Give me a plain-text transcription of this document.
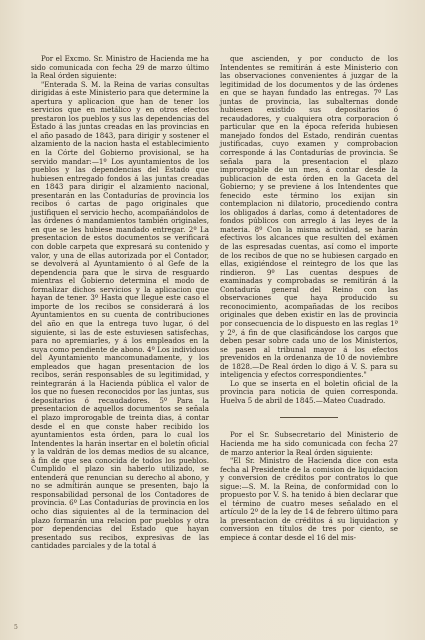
Por el Excmo. Sr. Ministro de Hacienda me ha sido comunicada con fecha 29 de marzo último la Real órden siguiente:

"Enterada S. M. la Reina de varias consultas dirigidas á este Ministerio para que determine la apertura y aplicacion que han de tener los servicios que en metálico y en otros efectos prestaron los pueblos y sus las dependencias del Estado á las juntas creadas en las provincias en el año pasado de 1843, para dirigir y sostener el alzamiento de la nacion hasta el establecimiento en la Córte del Gobierno provisional, se ha servido mandar:—1º Los ayuntamientos de los pueblos y las dependencias del Estado que hubiesen entregado fondos á las juntas creadas en 1843 para dirigir el alzamiento nacional, presentarán en las Contadurías de provincia los recibos ó cartas de pago originales que justifiquen el servicio hecho, acompañándolos de las órdenes ó mandamientos también originales, en que se les hubiese mandado entregar. 2º La presentacion de estos documentos se verificará con doble carpeta que expresará su contenido y valor, y una de ellas autorizada por el Contador, se devolverá al Ayuntamiento ó al Gefe de la dependencia para que le sirva de resguardo mientras el Gobierno determina el modo de formalizar dichos servicios y la aplicacion que hayan de tener. 3º Hasta que llegue este caso el importe de los recibos se considerará á los Ayuntamientos en su cuenta de contribuciones del año en que la entrega tuvo lugar, ó del siguiente, si las de este estuviesen satisfechas, para no apremiarles, y á los empleados en la suya como pendiente de abono. 4º Los individuos del Ayuntamiento mancomunadamente, y los empleados que hagan presentacion de los recibos, serán responsables de su legitimidad, y reintegrarán á la Hacienda pública el valor de los que no fuesen reconocidos por las juntas, sus depositarios ó recaudadores. 5º Para la presentacion de aquellos documentos se señala el plazo improrogable de treinta dias, á contar desde el en que conste haber recibido los ayuntamientos esta órden, para lo cual los Intendentes la harán insertar en el boletín oficial y la valdrán de los demas medios de su alcance, á fin de que sea conocida de todos los pueblos. Cumplido el plazo sin haberlo utilizado, se entenderá que renuncian su derecho al abono, y no se admitirán aunque se presenten, bajo la responsabilidad personal de los Contadores de provincia. 6º Las Contadurías de provincia en los ocho dias siguientes al de la terminacion del plazo formarán una relacion por pueblos y otra por dependencias del Estado que hayan presentado sus recibos, expresivas de las cantidades parciales y de la total á

que ascienden, y por conducto de los Intendentes se remitirán á este Ministerio con las observaciones convenientes á juzgar de la legitimidad de los documentos y de las órdenes en que se hayan fundado las entregas. 7º Las juntas de provincia, las subalternas donde hubiesen existido sus depositarios ó recaudadores, y cualquiera otra corporacion ó particular que en la época referida hubiesen manejado fondos del Estado, rendirán cuentas justificadas, cuyo examen y comprobacion corresponde á las Contadurías de provincia. Se señala para la presentacion el plazo improrogable de un mes, á contar desde la publicacion de esta órden en la Gaceta del Gobierno; y se previene á los Intendentes que fenecido este término los exijan sin contemplacion ni dilatorio, procediendo contra los obligados á darlas, como á detentadores de fondos públicos con arreglo á las leyes de la materia. 8º Con la misma actividad, se harán efectivos los alcances que resulten del exámen de las espresadas cuentas, así como el importe de los recibos de que no se hubiesen cargado en ellas, exigiéndose el reintegro de los que las rindieron. 9º Las cuentas despues de examinadas y comprobadas se remitirán á la Contaduría general del Reino con las observaciones que haya producido su reconocimiento, acompañadas de los recibos originales que deben existir en las de provincia por consecuencia de lo dispuesto en las reglas 1ª y 2ª, á fin de que clasificándose los cargos que deben pesar sobre cada uno de los Ministerios, se pasen al tribunal mayor á los efectos prevenidos en la ordenanza de 10 de noviembre de 1828.—De Real órden lo digo á V. S. para su inteligencia y efectos correspondientes."

Lo que se inserta en el boletin oficial de la provincia para noticia de quien corresponda. Huelva 5 de abril de 1845.—Mateo Cuadrado.

Por el Sr. Subsecretario del Ministerio de Hacienda me ha sido comunicada con fecha 27 de marzo anterior la Real órden siguiente:

"El Sr. Ministro de Hacienda dice con esta fecha al Presidente de la comision de liquidacion y conversion de créditos por contratos lo que sigue:—S. M. la Reina, de conformidad con lo propuesto por V. S. ha tenido á bien declarar que el término de cuatro meses señalado en el artículo 2º de la ley de 14 de febrero último para la presentacion de créditos á su liquidacion y conversion en títulos de tres por ciento, se empiece á contar desde el 16 del mis-

5
